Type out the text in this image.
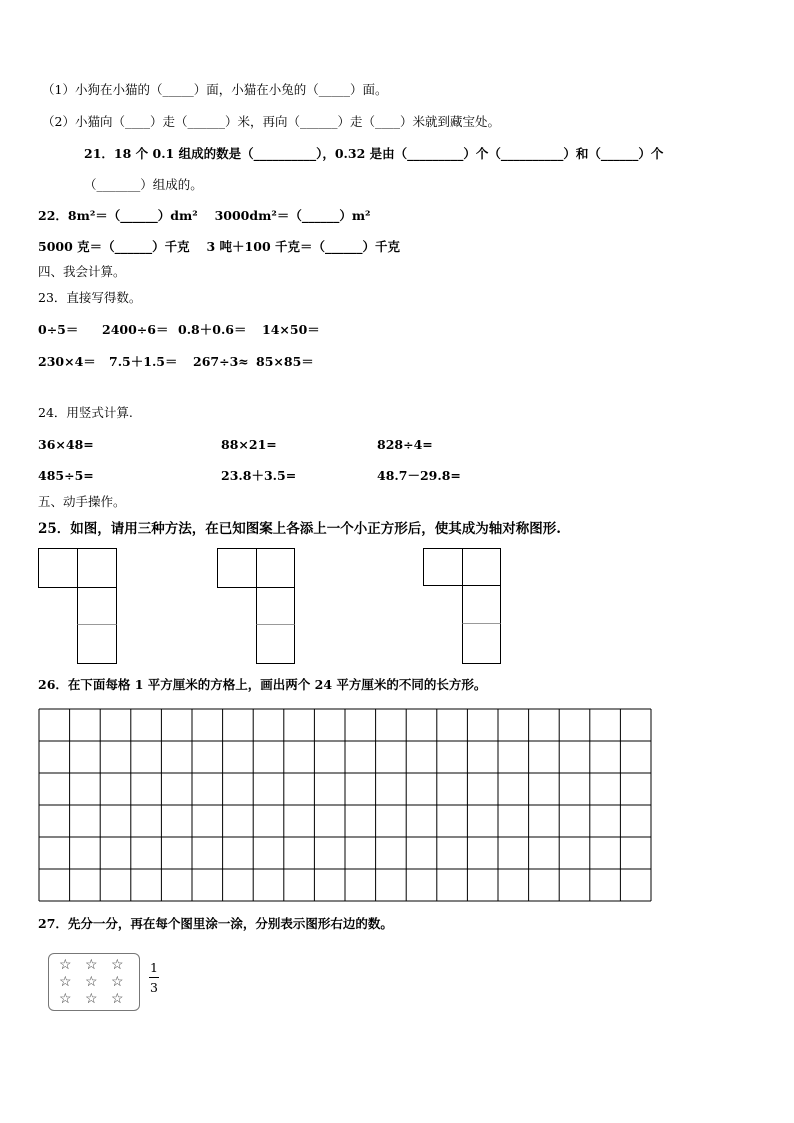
（1）小狗在小猫的（_____）面，小猫在小兔的（_____）面。
（2）小猫向（____）走（______）米，再向（______）走（____）米就到藏宝处。
21．18 个 0.1 组成的数是（__________），0.32 是由（_________）个（__________）和（______）个
（_______）组成的。
22．8m²＝（______）dm²　 3000dm²＝（______）m²
5000 克＝（______）千克　 3 吨＋100 千克＝（______）千克
四、我会计算。
23．直接写得数。
0÷5＝ 2400÷6＝ 0.8＋0.6＝ 14×50＝
230×4＝ 7.5＋1.5＝ 267÷3≈ 85×85＝
24．用竖式计算.
36×48=	88×21=	828÷4=
485÷5=	23.8＋3.5=	48.7－29.8=
五、动手操作。
25．如图，请用三种方法，在已知图案上各添上一个小正方形后，使其成为轴对称图形.
26．在下面每格 1 平方厘米的方格上，画出两个 24 平方厘米的不同的长方形。
27．先分一分，再在每个图里涂一涂，分别表示图形右边的数。
☆ ☆ ☆
☆ ☆ ☆
☆ ☆ ☆
1
3
